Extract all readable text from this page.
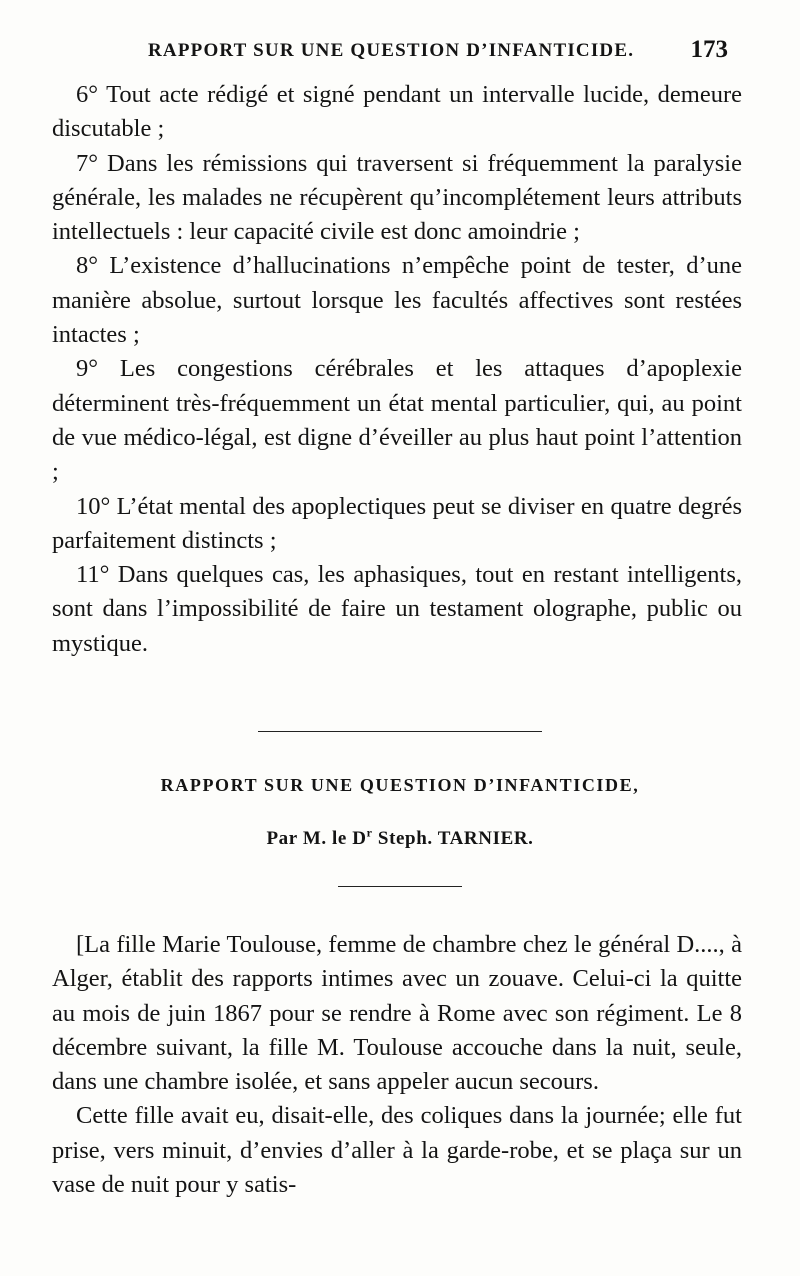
RAPPORT SUR UNE QUESTION D’INFANTICIDE. 173

6° Tout acte rédigé et signé pendant un intervalle lucide, demeure discutable ;

7° Dans les rémissions qui traversent si fréquemment la paralysie générale, les malades ne récupèrent qu’incomplétement leurs attributs intellectuels : leur capacité civile est donc amoindrie ;

8° L’existence d’hallucinations n’empêche point de tester, d’une manière absolue, surtout lorsque les facultés affectives sont restées intactes ;

9° Les congestions cérébrales et les attaques d’apoplexie déterminent très-fréquemment un état mental particulier, qui, au point de vue médico-légal, est digne d’éveiller au plus haut point l’attention ;

10° L’état mental des apoplectiques peut se diviser en quatre degrés parfaitement distincts ;

11° Dans quelques cas, les aphasiques, tout en restant intelligents, sont dans l’impossibilité de faire un testament olographe, public ou mystique.

RAPPORT SUR UNE QUESTION D’INFANTICIDE,
Par M. le $D^r$ Steph. TARNIER.

[La fille Marie Toulouse, femme de chambre chez le général D...., à Alger, établit des rapports intimes avec un zouave. Celui-ci la quitte au mois de juin 1867 pour se rendre à Rome avec son régiment. Le 8 décembre suivant, la fille M. Toulouse accouche dans la nuit, seule, dans une chambre isolée, et sans appeler aucun secours.

Cette fille avait eu, disait-elle, des coliques dans la journée; elle fut prise, vers minuit, d’envies d’aller à la garde-robe, et se plaça sur un vase de nuit pour y satis-
